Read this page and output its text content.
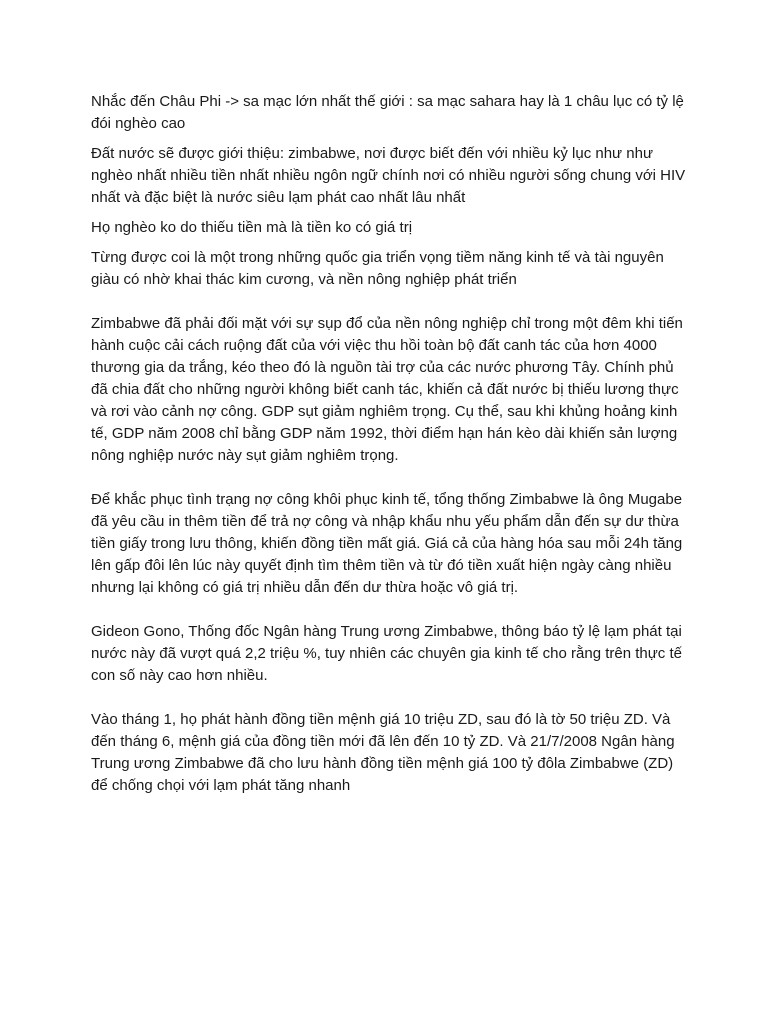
Nhắc đến Châu Phi -> sa mạc lớn nhất thế giới : sa mạc sahara hay là 1 châu lục có tỷ lệ đói nghèo cao

Đất nước sẽ được giới thiệu: zimbabwe, nơi được biết đến với nhiều kỷ lục như như nghèo nhất nhiều tiền nhất nhiều ngôn ngữ chính nơi có nhiều người sống chung với HIV nhất và đặc biệt là nước siêu lạm phát cao nhất lâu nhất

Họ nghèo ko do thiếu tiền mà là tiền ko có giá trị

Từng được coi là một trong những quốc gia triển vọng tiềm năng kinh tế và tài nguyên giàu có nhờ khai thác kim cương, và nền nông nghiệp phát triển

Zimbabwe đã phải đối mặt với sự sụp đổ của nền nông nghiệp chỉ trong một đêm khi tiến hành cuộc cải cách ruộng đất của với việc thu hồi toàn bộ đất canh tác của hơn 4000 thương gia da trắng, kéo theo đó là nguồn tài trợ của các nước phương Tây. Chính phủ đã chia đất cho những người không biết canh tác, khiến cả đất nước bị thiếu lương thực và rơi vào cảnh nợ công. GDP sụt giảm nghiêm trọng. Cụ thể, sau khi khủng hoảng kinh tế, GDP năm 2008 chỉ bằng GDP năm 1992, thời điểm hạn hán kèo dài khiến sản lượng nông nghiệp nước này sụt giảm nghiêm trọng.

Để khắc phục tình trạng nợ công khôi phục kinh tế, tổng thống Zimbabwe là ông Mugabe đã yêu cầu in thêm tiền để trả nợ công và nhập khẩu nhu yếu phẩm dẫn đến sự dư thừa tiền giấy trong lưu thông, khiến đồng tiền mất giá. Giá cả của hàng hóa sau mỗi 24h tăng lên gấp đôi lên lúc này quyết định tìm thêm tiền và từ đó tiền xuất hiện ngày càng nhiều nhưng lại không có giá trị nhiều dẫn đến dư thừa hoặc vô giá trị.

Gideon Gono, Thống đốc Ngân hàng Trung ương Zimbabwe, thông báo tỷ lệ lạm phát tại nước này đã vượt quá 2,2 triệu %, tuy nhiên các chuyên gia kinh tế cho rằng trên thực tế con số này cao hơn nhiều.

Vào tháng 1, họ phát hành đồng tiền mệnh giá 10 triệu ZD, sau đó là tờ 50 triệu ZD. Và đến tháng 6, mệnh giá của đồng tiền mới đã lên đến 10 tỷ ZD. Và 21/7/2008 Ngân hàng Trung ương Zimbabwe đã cho lưu hành đồng tiền mệnh giá 100 tỷ đôla Zimbabwe (ZD) để chống chọi với lạm phát tăng nhanh
